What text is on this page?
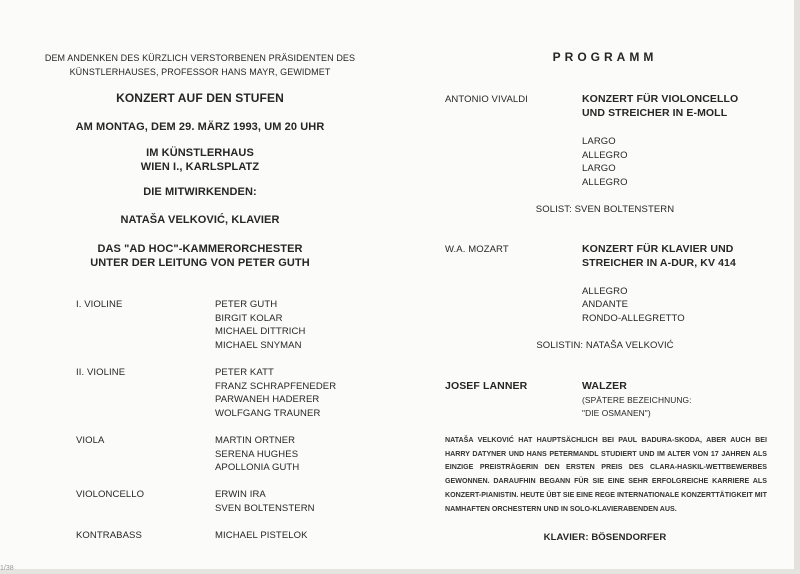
DEM ANDENKEN DES KÜRZLICH VERSTORBENEN PRÄSIDENTEN DES
KÜNSTLERHAUSES, PROFESSOR HANS MAYR, GEWIDMET
KONZERT AUF DEN STUFEN
AM MONTAG, DEM 29. MÄRZ 1993, UM 20 UHR
IM KÜNSTLERHAUS
WIEN I., KARLSPLATZ
DIE MITWIRKENDEN:
NATAŠA VELKOVIĆ, KLAVIER
DAS "AD HOC"-KAMMERORCHESTER
UNTER DER LEITUNG VON PETER GUTH
I. VIOLINE	PETER GUTH
BIRGIT KOLAR
MICHAEL DITTRICH
MICHAEL SNYMAN
II. VIOLINE	PETER KATT
FRANZ SCHRAPFENEDER
PARWANEH HADERER
WOLFGANG TRAUNER
VIOLA	MARTIN ORTNER
SERENA HUGHES
APOLLONIA GUTH
VIOLONCELLO	ERWIN IRA
SVEN BOLTENSTERN
KONTRABASS	MICHAEL PISTELOK
PROGRAMM
ANTONIO VIVALDI	KONZERT FÜR VIOLONCELLO
UND STREICHER IN E-MOLL
LARGO
ALLEGRO
LARGO
ALLEGRO
SOLIST: SVEN BOLTENSTERN
W.A. MOZART	KONZERT FÜR KLAVIER UND
STREICHER IN A-DUR, KV 414
ALLEGRO
ANDANTE
RONDO-ALLEGRETTO
SOLISTIN: NATAŠA VELKOVIĆ
JOSEF LANNER	WALZER
(SPÄTERE BEZEICHNUNG:
"DIE OSMANEN")
NATAŠA VELKOVIĆ HAT HAUPTSÄCHLICH BEI PAUL BADURA-SKODA, ABER AUCH BEI HARRY DATYNER UND HANS PETERMANDL STUDIERT UND IM ALTER VON 17 JAHREN ALS EINZIGE PREISTRÄGERIN DEN ERSTEN PREIS DES CLARA-HASKIL-WETTBEWERBES GEWONNEN. DARAUFHIN BEGANN FÜR SIE EINE SEHR ERFOLGREICHE KARRIERE ALS KONZERT-PIANISTIN. HEUTE ÜBT SIE EINE REGE INTERNATIONALE KONZERTTÄTIGKEIT MIT NAMHAFTEN ORCHESTERN UND IN SOLO-KLAVIERABENDEN AUS.
KLAVIER: BÖSENDORFER
1/38
